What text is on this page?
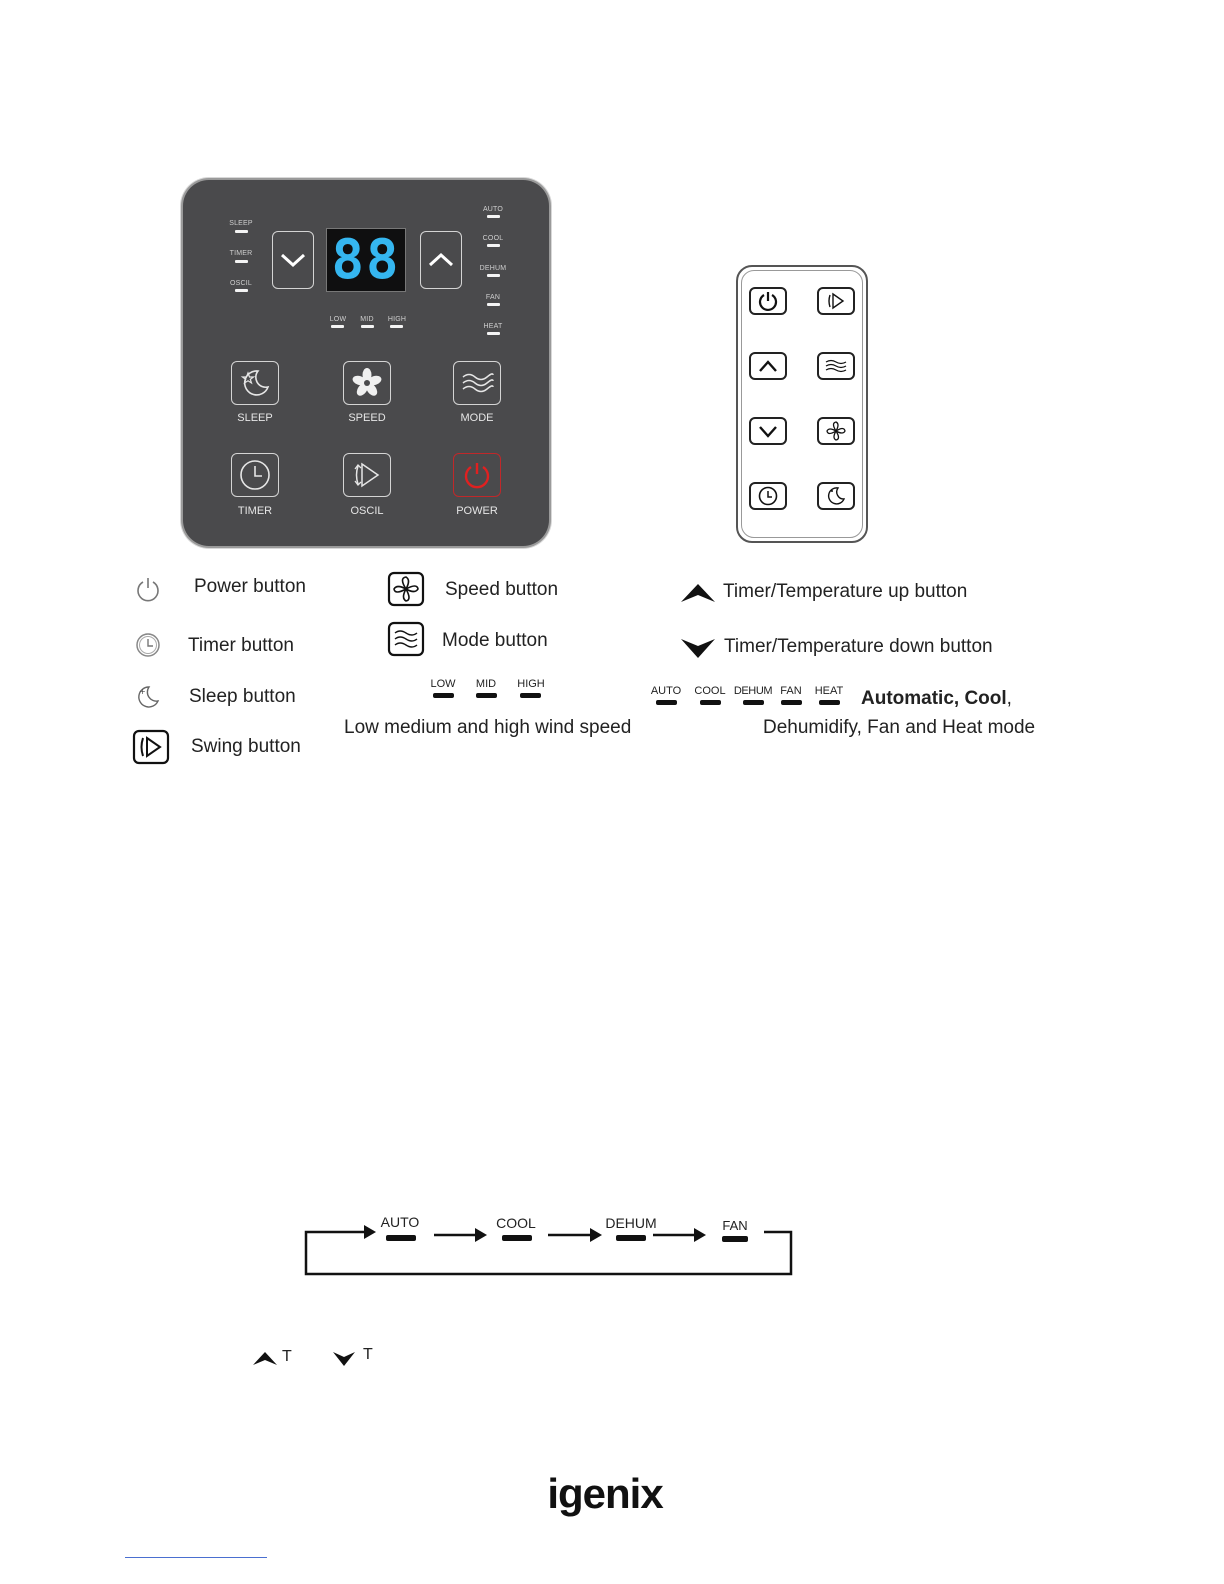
SLEEP
TIMER
OSCIL
AUTO
COOL
DEHUM
FAN
HEAT
88
LOW	MID	HIGH
SLEEP	SPEED	MODE
TIMER	OSCIL	POWER
Power button
Timer button
+ Sleep button
Swing button
Speed button
Mode button
LOW	MID	HIGH
Low medium and high wind speed
Timer/Temperature up button
Timer/Temperature down button
AUTO	COOL DEHUM FAN	HEAT Automatic, Cool,
Dehumidify, Fan and Heat mode
AUTO	COOL	DEHUM	FAN
T	T
igenix
